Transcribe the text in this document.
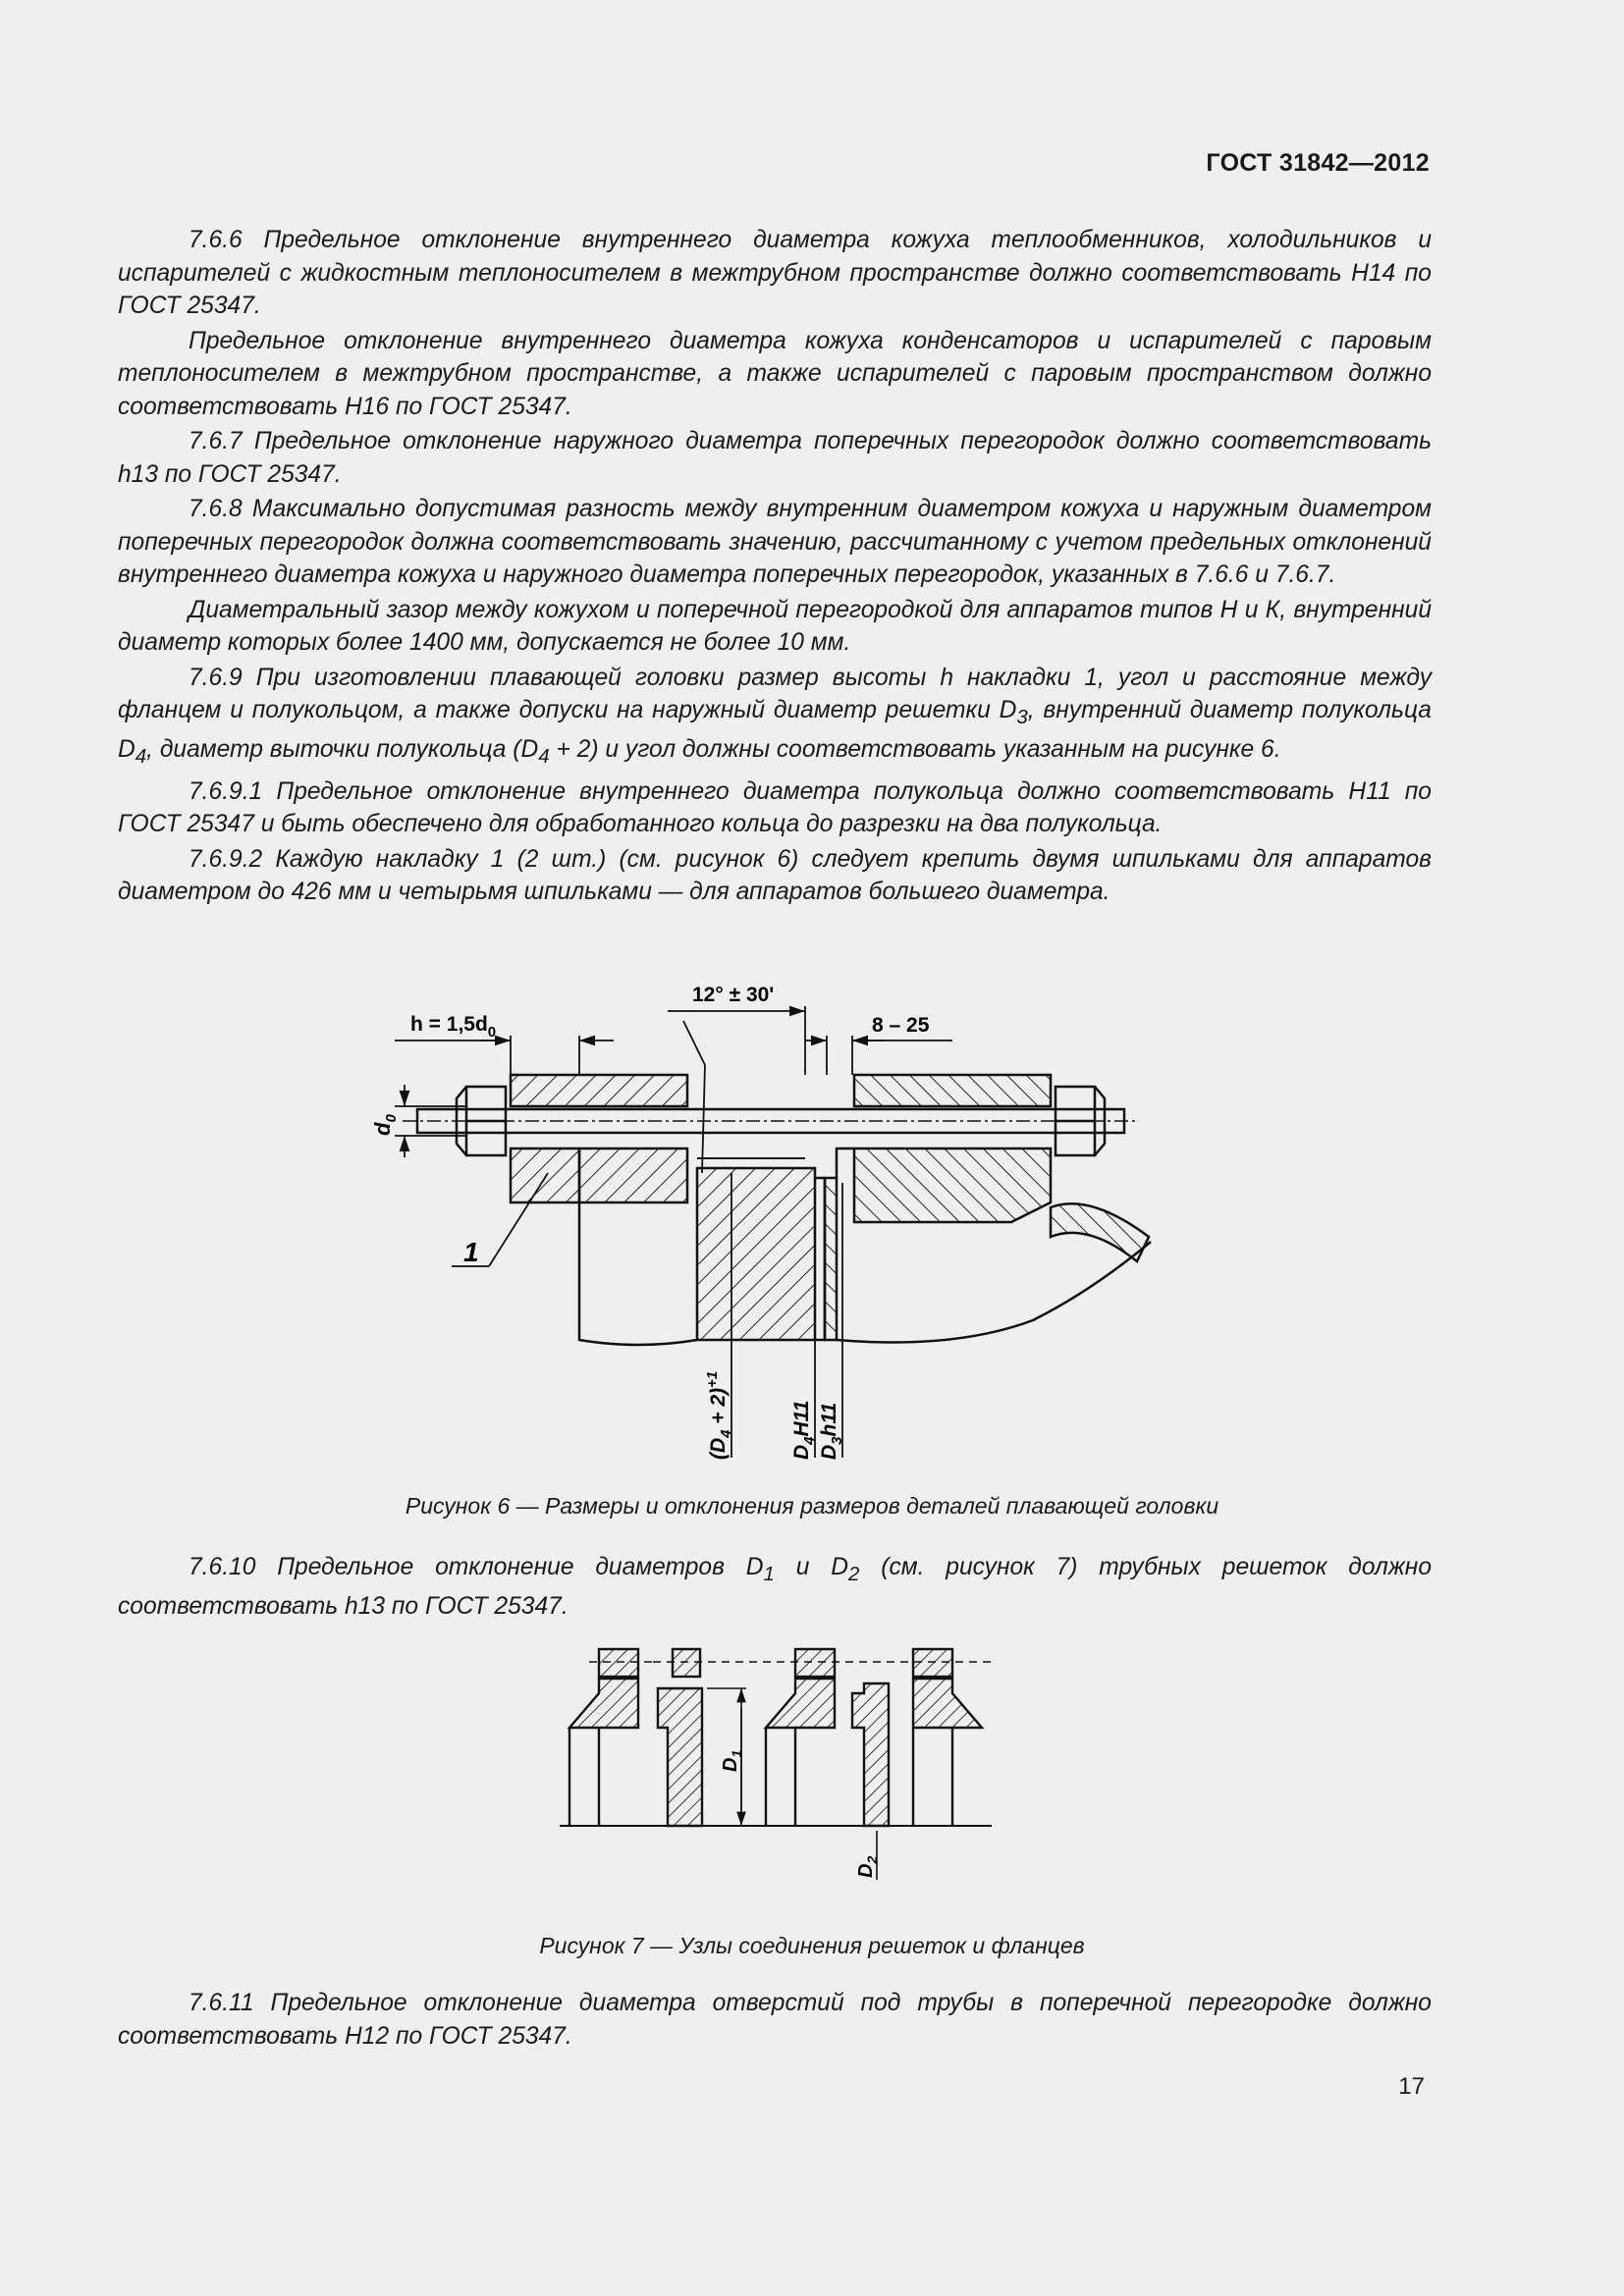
ГОСТ 31842—2012

7.6.6 Предельное отклонение внутреннего диаметра кожуха теплообменников, холодильников и испарителей с жидкостным теплоносителем в межтрубном пространстве должно соответствовать H14 по ГОСТ 25347.

Предельное отклонение внутреннего диаметра кожуха конденсаторов и испарителей с паровым теплоносителем в межтрубном пространстве, а также испарителей с паровым пространством должно соответствовать H16 по ГОСТ 25347.

7.6.7 Предельное отклонение наружного диаметра поперечных перегородок должно соответствовать h13 по ГОСТ 25347.

7.6.8 Максимально допустимая разность между внутренним диаметром кожуха и наружным диаметром поперечных перегородок должна соответствовать значению, рассчитанному с учетом предельных отклонений внутреннего диаметра кожуха и наружного диаметра поперечных перегородок, указанных в 7.6.6 и 7.6.7.

Диаметральный зазор между кожухом и поперечной перегородкой для аппаратов типов Н и К, внутренний диаметр которых более 1400 мм, допускается не более 10 мм.

7.6.9 При изготовлении плавающей головки размер высоты h накладки 1, угол и расстояние между фланцем и полукольцом, а также допуски на наружный диаметр решетки $D_3$, внутренний диаметр полукольца $D_4$, диаметр выточки полукольца $(D_4 + 2)$ и угол должны соответствовать указанным на рисунке 6.

7.6.9.1 Предельное отклонение внутреннего диаметра полукольца должно соответствовать H11 по ГОСТ 25347 и быть обеспечено для обработанного кольца до разрезки на два полукольца.

7.6.9.2 Каждую накладку 1 (2 шт.) (см. рисунок 6) следует крепить двумя шпильками для аппаратов диаметром до 426 мм и четырьмя шпильками — для аппаратов большего диаметра.

$h = 1,5d_0$
12° ± 30'
8 – 25
$d_0$
1
$(D_4 + 2)^{+1}$
$D_4H11$
$D_3h11$
Рисунок 6 — Размеры и отклонения размеров деталей плавающей головки

7.6.10 Предельное отклонение диаметров $D_1$ и $D_2$ (см. рисунок 7) трубных решеток должно соответствовать h13 по ГОСТ 25347.

$D_1$
$D_2$
Рисунок 7 — Узлы соединения решеток и фланцев

7.6.11 Предельное отклонение диаметра отверстий под трубы в поперечной перегородке должно соответствовать H12 по ГОСТ 25347.

17
